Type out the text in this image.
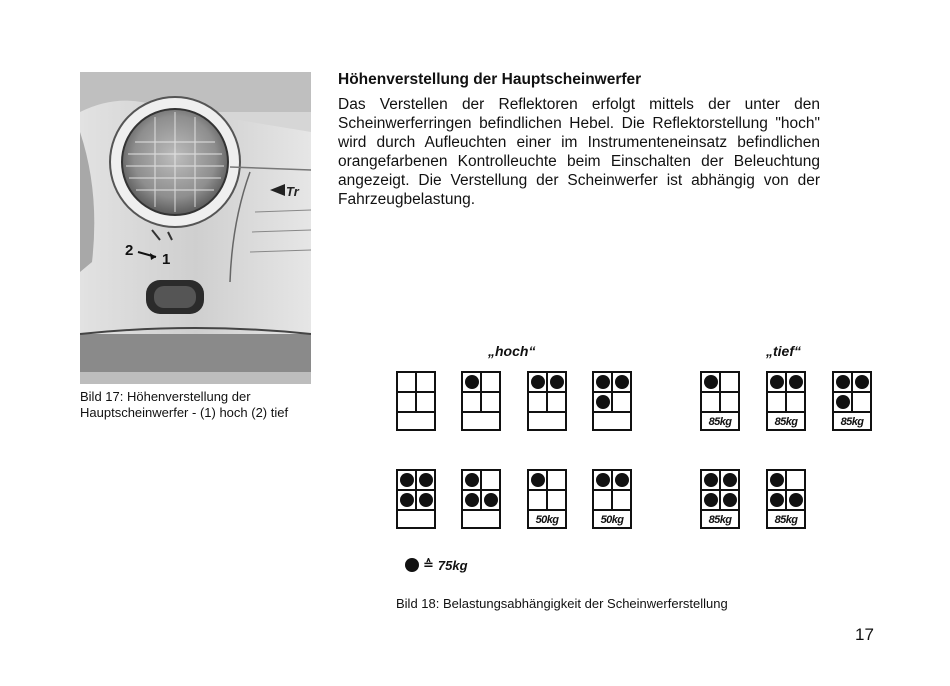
Tr
2
1
Bild 17: Höhenverstellung der Hauptscheinwerfer - (1) hoch (2) tief
Höhenverstellung der Hauptscheinwerfer
Das Verstellen der Reflektoren erfolgt mittels der unter den Scheinwerferringen befindlichen Hebel. Die Reflektorstellung "hoch" wird durch Aufleuchten einer im Instrumenteneinsatz befindlichen orangefarbenen Kontrolleuchte beim Einschalten der Beleuchtung angezeigt. Die Verstellung der Scheinwerfer ist abhängig von der Fahrzeugbelastung.
„hoch“	„tief“
85kg	85kg	85kg
50kg	50kg	85kg	85kg
≙ 75kg
Bild 18: Belastungsabhängigkeit der Scheinwerferstellung
17
